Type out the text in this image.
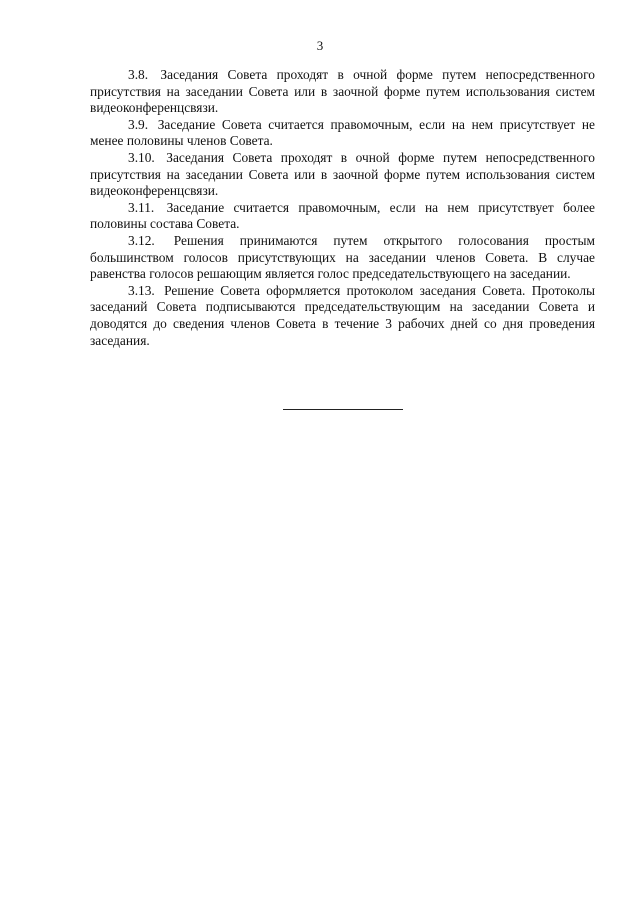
3

3.8. Заседания Совета проходят в очной форме путем непосредственного присутствия на заседании Совета или в заочной форме путем использования систем видеоконференцсвязи.

3.9. Заседание Совета считается правомочным, если на нем присутствует не менее половины членов Совета.

3.10. Заседания Совета проходят в очной форме путем непосредственного присутствия на заседании Совета или в заочной форме путем использования систем видеоконференцсвязи.

3.11. Заседание считается правомочным, если на нем присутствует более половины состава Совета.

3.12. Решения принимаются путем открытого голосования простым большинством голосов присутствующих на заседании членов Совета. В случае равенства голосов решающим является голос председательствующего на заседании.

3.13. Решение Совета оформляется протоколом заседания Совета. Протоколы заседаний Совета подписываются председательствующим на заседании Совета и доводятся до сведения членов Совета в течение 3 рабочих дней со дня проведения заседания.
